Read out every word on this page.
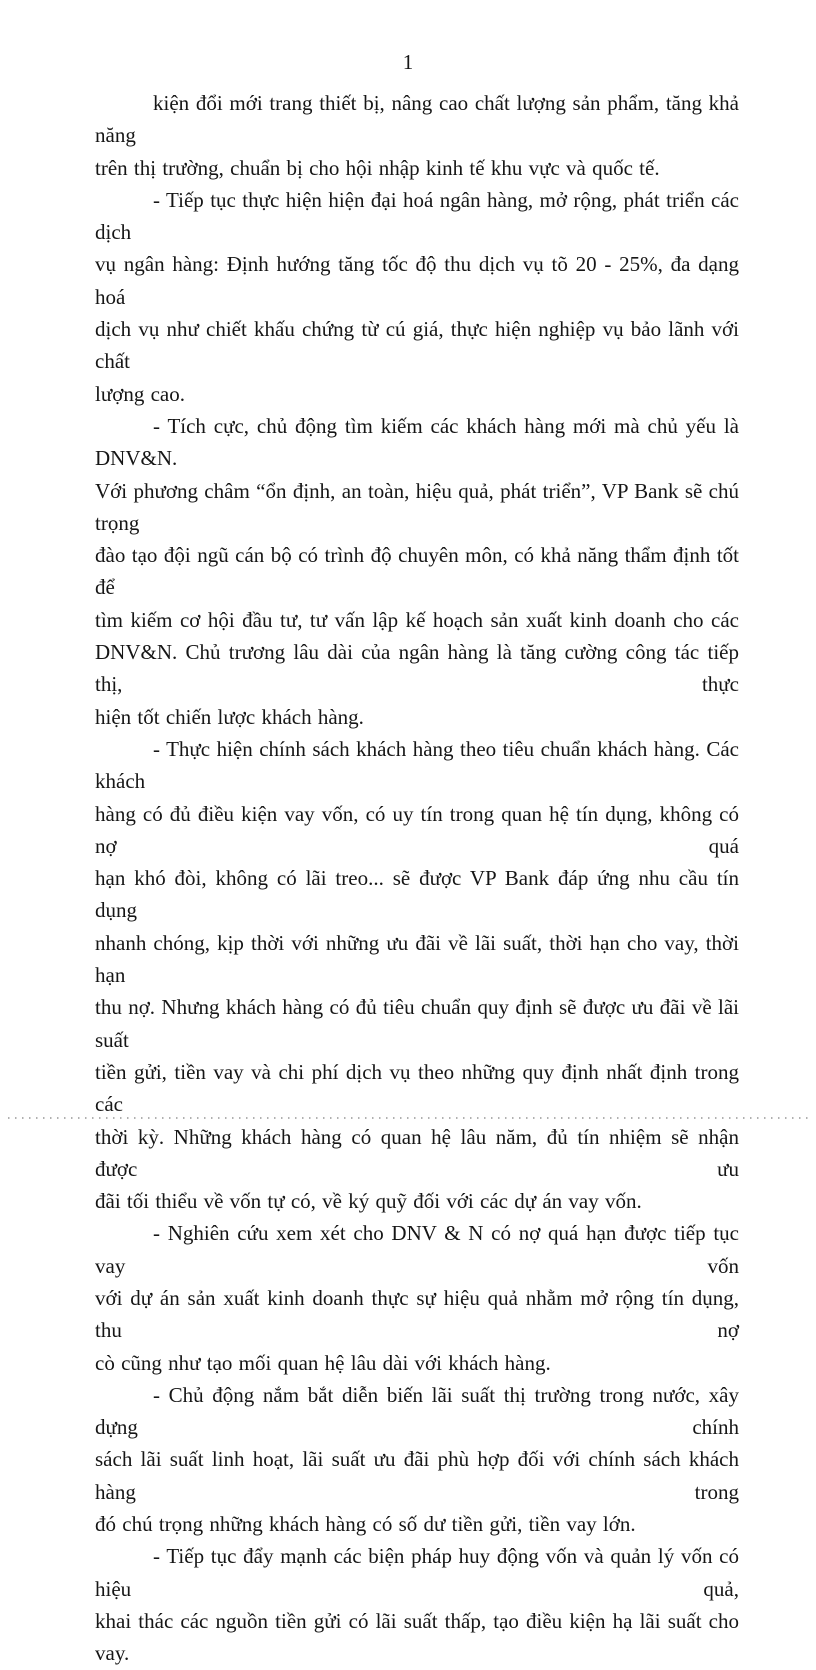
1
kiện đổi mới trang thiết bị, nâng cao chất lượng sản phẩm, tăng khả năng
trên thị trường, chuẩn bị cho hội nhập kinh tế khu vực và quốc tế.
- Tiếp tục thực hiện hiện đại hoá ngân hàng, mở rộng, phát triển các dịch
vụ ngân hàng: Định hướng tăng tốc độ thu dịch vụ tõ 20 - 25%, đa dạng hoá
dịch vụ như chiết khấu chứng từ cú giá, thực hiện nghiệp vụ bảo lãnh với chất
lượng cao.
- Tích cực, chủ động tìm kiếm các khách hàng mới mà chủ yếu là DNV&N.
Với phương châm “ổn định, an toàn, hiệu quả, phát triển”, VP Bank sẽ chú trọng
đào tạo đội ngũ cán bộ có trình độ chuyên môn, có khả năng thẩm định tốt để
tìm kiếm cơ hội đầu tư, tư vấn lập kế hoạch sản xuất kinh doanh cho các
DNV&N. Chủ trương lâu dài của ngân hàng là tăng cường công tác tiếp thị, thực
hiện tốt chiến lược khách hàng.
- Thực hiện chính sách khách hàng theo tiêu chuẩn khách hàng. Các khách
hàng có đủ điều kiện vay vốn, có uy tín trong quan hệ tín dụng, không có nợ quá
hạn khó đòi, không có lãi treo... sẽ được VP Bank đáp ứng nhu cầu tín dụng
nhanh chóng, kịp thời với những ưu đãi về lãi suất, thời hạn cho vay, thời hạn
thu nợ. Nhưng khách hàng có đủ tiêu chuẩn quy định sẽ được ưu đãi về lãi suất
tiền gửi, tiền vay và chi phí dịch vụ theo những quy định nhất định trong các
thời kỳ. Những khách hàng có quan hệ lâu năm, đủ tín nhiệm sẽ nhận được ưu
đãi tối thiểu về vốn tự có, về ký quỹ đối với các dự án vay vốn.
- Nghiên cứu xem xét cho DNV & N có nợ quá hạn được tiếp tục vay vốn
với dự án sản xuất kinh doanh thực sự hiệu quả nhằm mở rộng tín dụng, thu nợ
cò cũng như tạo mối quan hệ lâu dài với khách hàng.
- Chủ động nắm bắt diễn biến lãi suất thị trường trong nước, xây dựng chính
sách lãi suất linh hoạt, lãi suất ưu đãi phù hợp đối với chính sách khách hàng trong
đó chú trọng những khách hàng có số dư tiền gửi, tiền vay lớn.
- Tiếp tục đẩy mạnh các biện pháp huy động vốn và quản lý vốn có hiệu quả,
khai thác các nguồn tiền gửi có lãi suất thấp, tạo điều kiện hạ lãi suất cho vay.
